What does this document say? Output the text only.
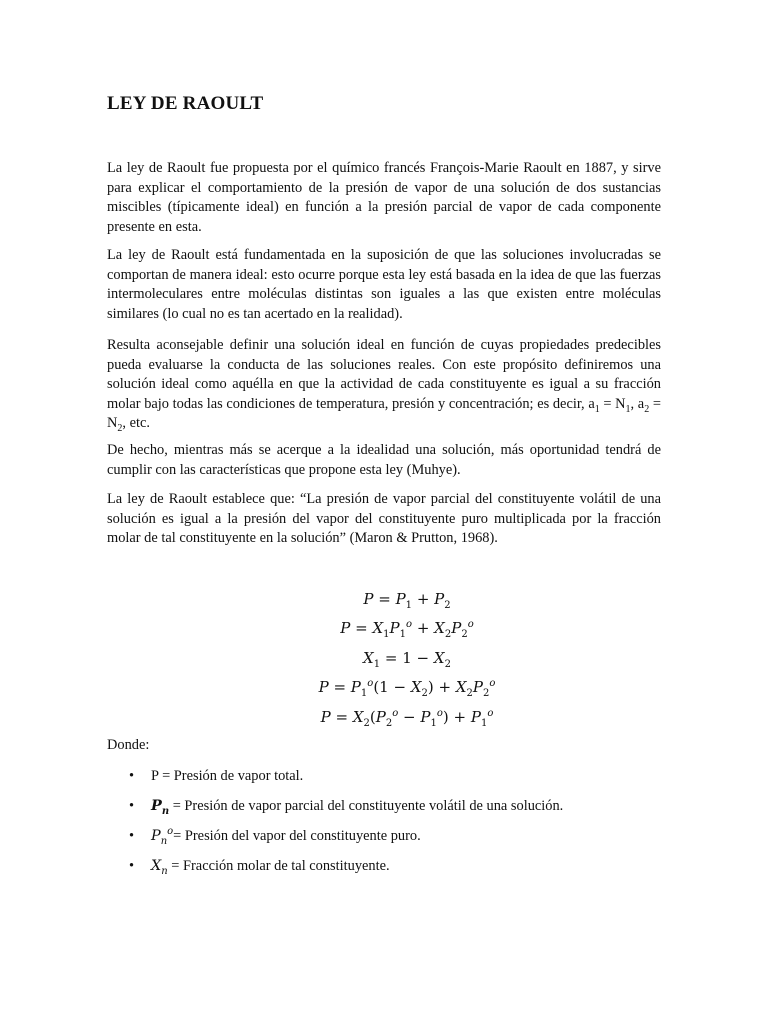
LEY DE RAOULT

La ley de Raoult fue propuesta por el químico francés François-Marie Raoult en 1887, y sirve para explicar el comportamiento de la presión de vapor de una solución de dos sustancias miscibles (típicamente ideal) en función a la presión parcial de vapor de cada componente presente en esta.

La ley de Raoult está fundamentada en la suposición de que las soluciones involucradas se comportan de manera ideal: esto ocurre porque esta ley está basada en la idea de que las fuerzas intermoleculares entre moléculas distintas son iguales a las que existen entre moléculas similares (lo cual no es tan acertado en la realidad).

Resulta aconsejable definir una solución ideal en función de cuyas propiedades predecibles pueda evaluarse la conducta de las soluciones reales. Con este propósito definiremos una solución ideal como aquélla en que la actividad de cada constituyente es igual a su fracción molar bajo todas las condiciones de temperatura, presión y concentración; es decir, $a_1 = N_1$, $a_2 = N_2$, etc.

De hecho, mientras más se acerque a la idealidad una solución, más oportunidad tendrá de cumplir con las características que propone esta ley (Muhye).

La ley de Raoult establece que: “La presión de vapor parcial del constituyente volátil de una solución es igual a la presión del vapor del constituyente puro multiplicada por la fracción molar de tal constituyente en la solución” (Maron & Prutton, 1968).

$P = P_1 + P_2$
$P = X_1P_1^o + X_2P_2^o$
$X_1 = 1 - X_2$
$P = P_1^o(1 - X_2) + X_2P_2^o$
$P = X_2(P_2^o - P_1^o) + P_1^o$
Donde:
• P = Presión de vapor total.
• $P_n$ = Presión de vapor parcial del constituyente volátil de una solución.
• $P_n^o=$ Presión del vapor del constituyente puro.
• $X_n$ = Fracción molar de tal constituyente.
